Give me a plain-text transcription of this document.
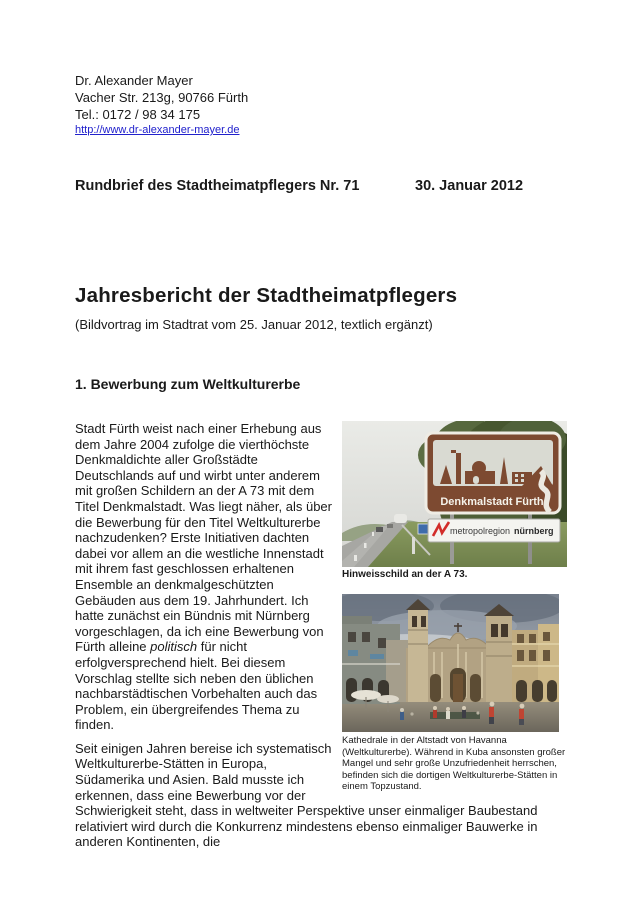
Dr. Alexander Mayer
Vacher Str. 213g, 90766 Fürth
Tel.: 0172 / 98 34 175
http://www.dr-alexander-mayer.de
Rundbrief des Stadtheimatpflegers Nr. 71	30. Januar 2012
Jahresbericht der Stadtheimatpflegers
(Bildvortrag im Stadtrat vom 25. Januar 2012, textlich ergänzt)
1. Bewerbung zum Weltkulturerbe
Denkmalstadt Fürth
metropolregion nürnberg
Hinweisschild an der A 73.
Kathedrale in der Altstadt von Havanna (Weltkulturerbe). Während in Kuba ansonsten großer Mangel und sehr große Unzufriedenheit herrschen, befinden sich die dortigen Weltkulturerbe-Stätten in einem Topzustand.

Stadt Fürth weist nach einer Erhebung aus dem Jahre 2004 zufolge die vierthöchste Denkmaldichte aller Großstädte Deutschlands auf und wirbt unter anderem mit großen Schildern an der A 73 mit dem Titel Denkmalstadt. Was liegt näher, als über die Bewerbung für den Titel Weltkulturerbe nachzudenken? Erste Initiativen dachten dabei vor allem an die westliche Innenstadt mit ihrem fast geschlossen erhaltenen Ensemble an denkmalgeschützten Gebäuden aus dem 19. Jahrhundert. Ich hatte zunächst ein Bündnis mit Nürnberg vorgeschlagen, da ich eine Bewerbung von Fürth alleine politisch für nicht erfolgversprechend hielt. Bei diesem Vorschlag stellte sich neben den üblichen nachbarstädtischen Vorbehalten auch das Problem, ein übergreifendes Thema zu finden.

Seit einigen Jahren bereise ich systematisch Weltkulturerbe-Stätten in Europa, Südamerika und Asien. Bald musste ich erkennen, dass eine Bewerbung vor der Schwierigkeit steht, dass in weltweiter Perspektive unser einmaliger Baubestand relativiert wird durch die Konkurrenz mindestens ebenso einmaliger Bauwerke in anderen Kontinenten, die
